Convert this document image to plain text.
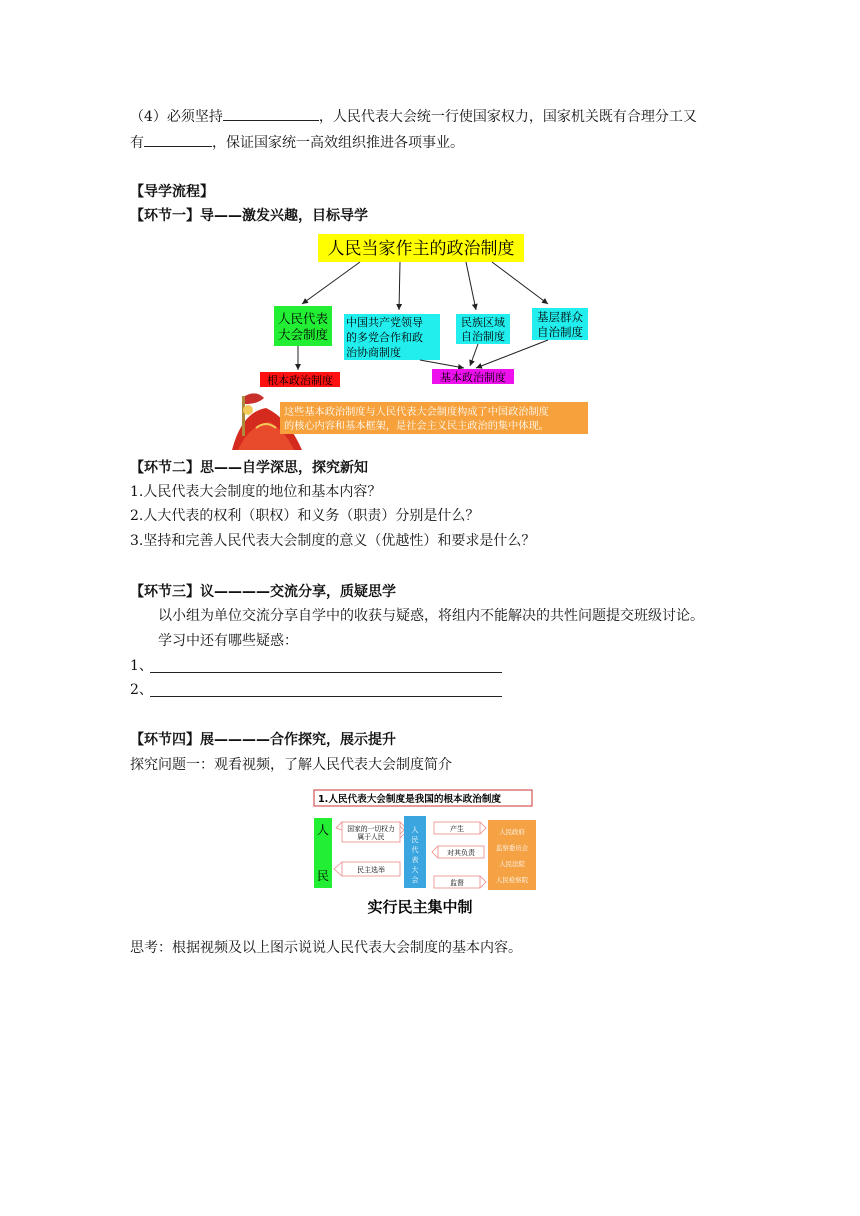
（4）必须坚持	，人民代表大会统一行使国家权力，国家机关既有合理分工又
有	，保证国家统一高效组织推进各项事业。
【导学流程】
【环节一】导——激发兴趣，目标导学
人民当家作主的政治制度
人民代表
大会制度
中国共产党领导
的多党合作和政
治协商制度
民族区域
自治制度
基层群众
自治制度
根本政治制度	基本政治制度
这些基本政治制度与人民代表大会制度构成了中国政治制度
的核心内容和基本框架，是社会主义民主政治的集中体现。
【环节二】思——自学深思，探究新知
1.人民代表大会制度的地位和基本内容？
2.人大代表的权利（职权）和义务（职责）分别是什么？
3.坚持和完善人民代表大会制度的意义（优越性）和要求是什么？
【环节三】议————交流分享，质疑思学
以小组为单位交流分享自学中的收获与疑惑，将组内不能解决的共性问题提交班级讨论。
学习中还有哪些疑惑：
1、
2、
【环节四】展————合作探究，展示提升
探究问题一：观看视频，了解人民代表大会制度简介
1.人民代表大会制度是我国的根本政治制度
人
民
国家的一切权力
属于人民
民主选举
人
民
代
表
大
会
产生
对其负责
监督
人民政府
监察委员会
人民法院
人民检察院
实行民主集中制
思考：根据视频及以上图示说说人民代表大会制度的基本内容。
